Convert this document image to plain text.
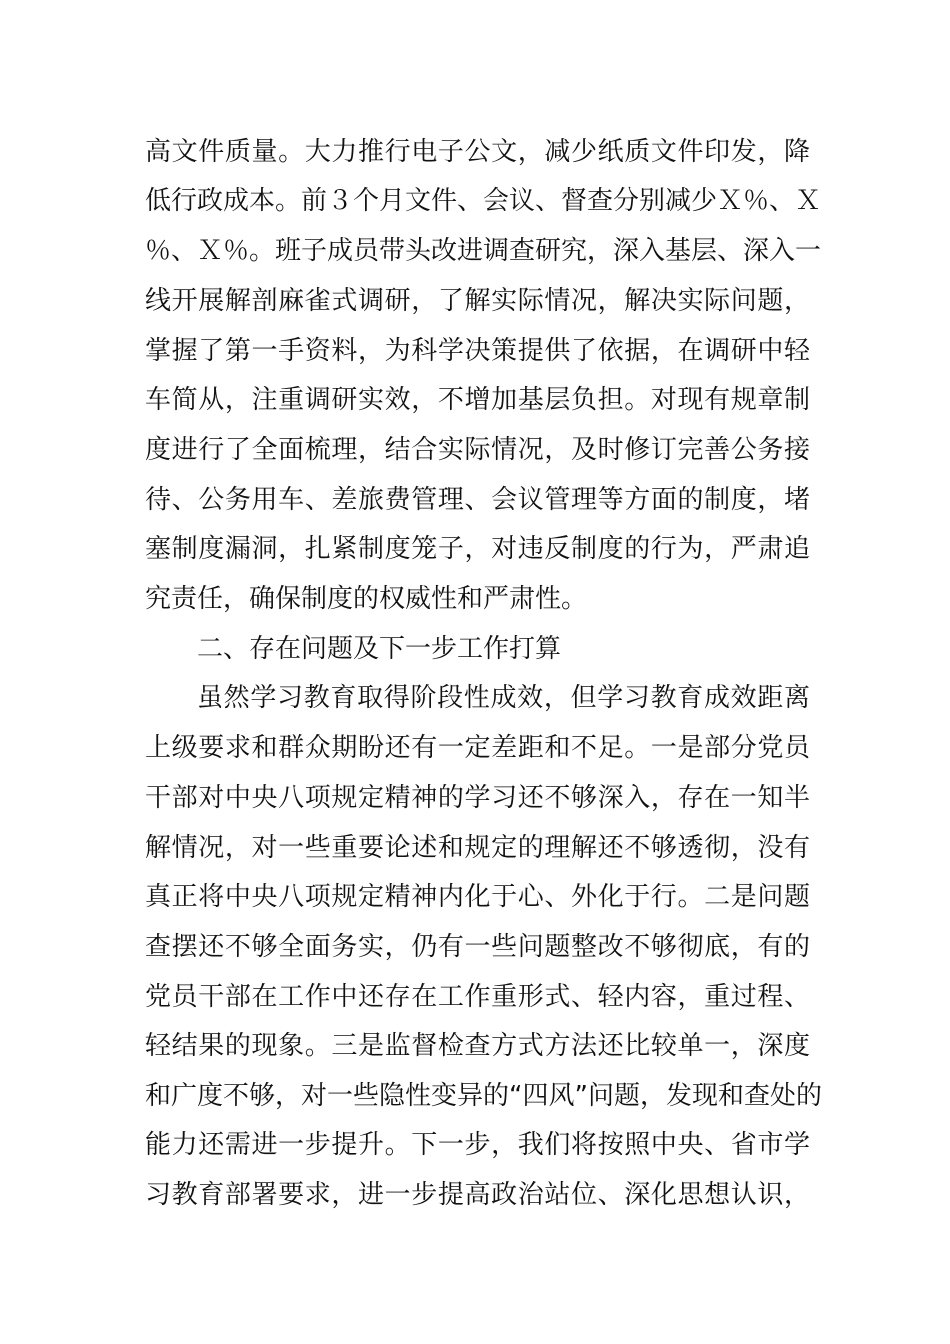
高文件质量。大力推行电子公文，减少纸质文件印发，降
低行政成本。前３个月文件、会议、督查分别减少Ｘ％、Ｘ
％、Ｘ％。班子成员带头改进调查研究，深入基层、深入一
线开展解剖麻雀式调研，了解实际情况，解决实际问题，
掌握了第一手资料，为科学决策提供了依据，在调研中轻
车简从，注重调研实效，不增加基层负担。对现有规章制
度进行了全面梳理，结合实际情况，及时修订完善公务接
待、公务用车、差旅费管理、会议管理等方面的制度，堵
塞制度漏洞，扎紧制度笼子，对违反制度的行为，严肃追
究责任，确保制度的权威性和严肃性。
二、存在问题及下一步工作打算
虽然学习教育取得阶段性成效，但学习教育成效距离
上级要求和群众期盼还有一定差距和不足。一是部分党员
干部对中央八项规定精神的学习还不够深入，存在一知半
解情况，对一些重要论述和规定的理解还不够透彻，没有
真正将中央八项规定精神内化于心、外化于行。二是问题
查摆还不够全面务实，仍有一些问题整改不够彻底，有的
党员干部在工作中还存在工作重形式、轻内容，重过程、
轻结果的现象。三是监督检查方式方法还比较单一，深度
和广度不够，对一些隐性变异的“四风”问题，发现和查处的
能力还需进一步提升。下一步，我们将按照中央、省市学
习教育部署要求，进一步提高政治站位、深化思想认识，
